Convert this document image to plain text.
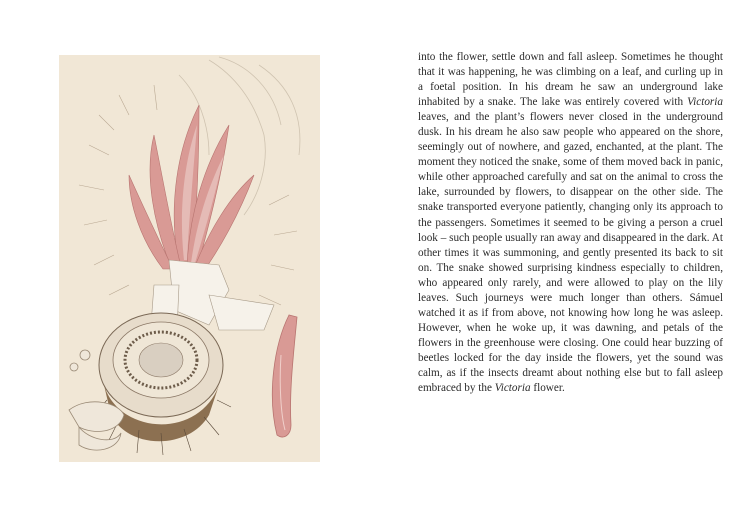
into the flower, settle down and fall asleep. Sometimes he thought that it was happening, he was climbing on a leaf, and curling up in a foetal position. In his dream he saw an underground lake inhabited by a snake. The lake was entirely covered with Victoria leaves, and the plant’s flowers never closed in the underground dusk. In his dream he also saw people who appeared on the shore, seemingly out of nowhere, and gazed, enchanted, at the plant. The moment they noticed the snake, some of them moved back in panic, while other approached carefully and sat on the animal to cross the lake, surrounded by flowers, to disappear on the other side. The snake transported everyone patiently, changing only its approach to the passengers. Sometimes it seemed to be giving a person a cruel look – such people usually ran away and disappeared in the dark. At other times it was summoning, and gently presented its back to sit on. The snake showed surprising kindness especially to children, who appeared only rarely, and were allowed to play on the lily leaves. Such journeys were much longer than others. Sámuel watched it as if from above, not knowing how long he was asleep. However, when he woke up, it was dawning, and petals of the flowers in the greenhouse were closing. One could hear buzzing of beetles locked for the day inside the flowers, yet the sound was calm, as if the insects dreamt about nothing else but to fall asleep embraced by the Victoria flower.
